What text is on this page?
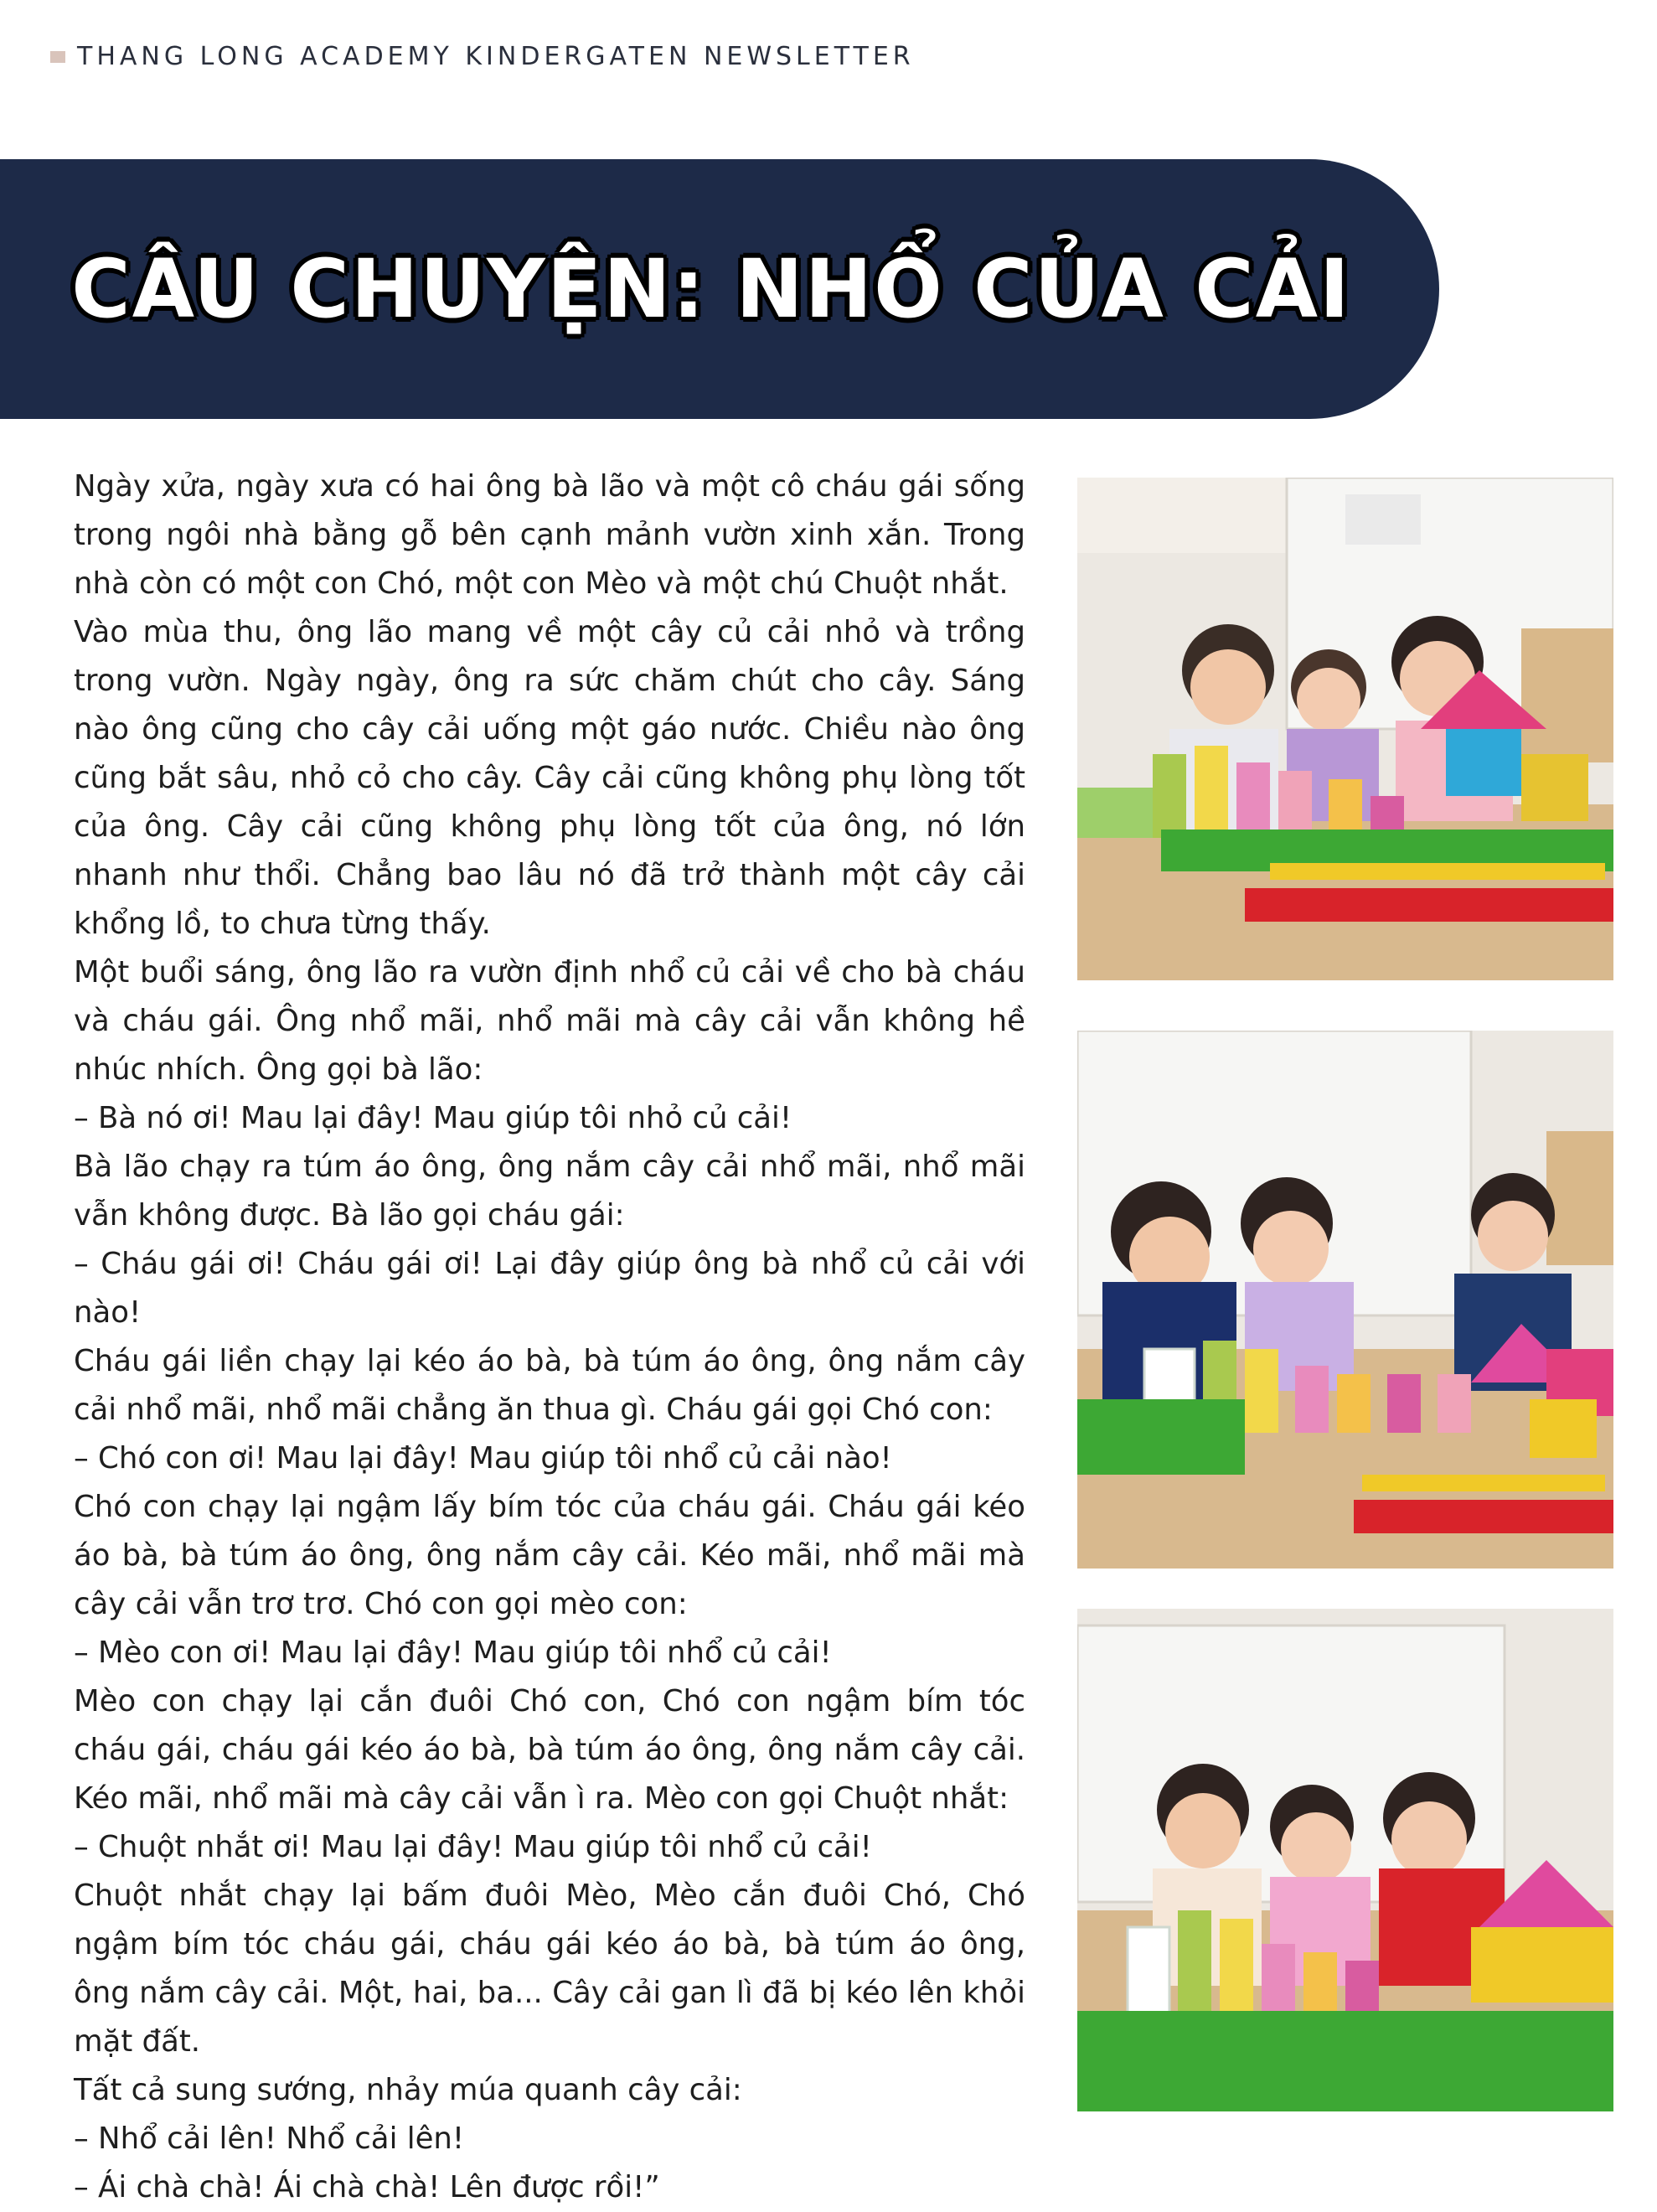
THANG LONG ACADEMY KINDERGATEN NEWSLETTER
CÂU CHUYỆN: NHỔ CỦA CẢI

Ngày xửa, ngày xưa có hai ông bà lão và một cô cháu gái sống trong ngôi nhà bằng gỗ bên cạnh mảnh vườn xinh xắn. Trong nhà còn có một con Chó, một con Mèo và một chú Chuột nhắt.

Vào mùa thu, ông lão mang về một cây củ cải nhỏ và trồng trong vườn. Ngày ngày, ông ra sức chăm chút cho cây. Sáng nào ông cũng cho cây cải uống một gáo nước. Chiều nào ông cũng bắt sâu, nhỏ cỏ cho cây. Cây cải cũng không phụ lòng tốt của ông. Cây cải cũng không phụ lòng tốt của ông, nó lớn nhanh như thổi. Chẳng bao lâu nó đã trở thành một cây cải khổng lồ, to chưa từng thấy.

Một buổi sáng, ông lão ra vườn định nhổ củ cải về cho bà cháu và cháu gái. Ông nhổ mãi, nhổ mãi mà cây cải vẫn không hề nhúc nhích. Ông gọi bà lão:

– Bà nó ơi! Mau lại đây! Mau giúp tôi nhỏ củ cải!

Bà lão chạy ra túm áo ông, ông nắm cây cải nhổ mãi, nhổ mãi vẫn không được. Bà lão gọi cháu gái:

– Cháu gái ơi! Cháu gái ơi! Lại đây giúp ông bà nhổ củ cải với nào!

Cháu gái liền chạy lại kéo áo bà, bà túm áo ông, ông nắm cây cải nhổ mãi, nhổ mãi chẳng ăn thua gì. Cháu gái gọi Chó con:

– Chó con ơi! Mau lại đây! Mau giúp tôi nhổ củ cải nào!

Chó con chạy lại ngậm lấy bím tóc của cháu gái. Cháu gái kéo áo bà, bà túm áo ông, ông nắm cây cải. Kéo mãi, nhổ mãi mà cây cải vẫn trơ trơ. Chó con gọi mèo con:

– Mèo con ơi! Mau lại đây! Mau giúp tôi nhổ củ cải!

Mèo con chạy lại cắn đuôi Chó con, Chó con ngậm bím tóc cháu gái, cháu gái kéo áo bà, bà túm áo ông, ông nắm cây cải. Kéo mãi, nhổ mãi mà cây cải vẫn ì ra. Mèo con gọi Chuột nhắt:

– Chuột nhắt ơi! Mau lại đây! Mau giúp tôi nhổ củ cải!

Chuột nhắt chạy lại bấm đuôi Mèo, Mèo cắn đuôi Chó, Chó ngậm bím tóc cháu gái, cháu gái kéo áo bà, bà túm áo ông, ông nắm cây cải. Một, hai, ba... Cây cải gan lì đã bị kéo lên khỏi mặt đất.

Tất cả sung sướng, nhảy múa quanh cây cải:

– Nhổ cải lên! Nhổ cải lên!

– Ái chà chà! Ái chà chà! Lên được rồi!”
